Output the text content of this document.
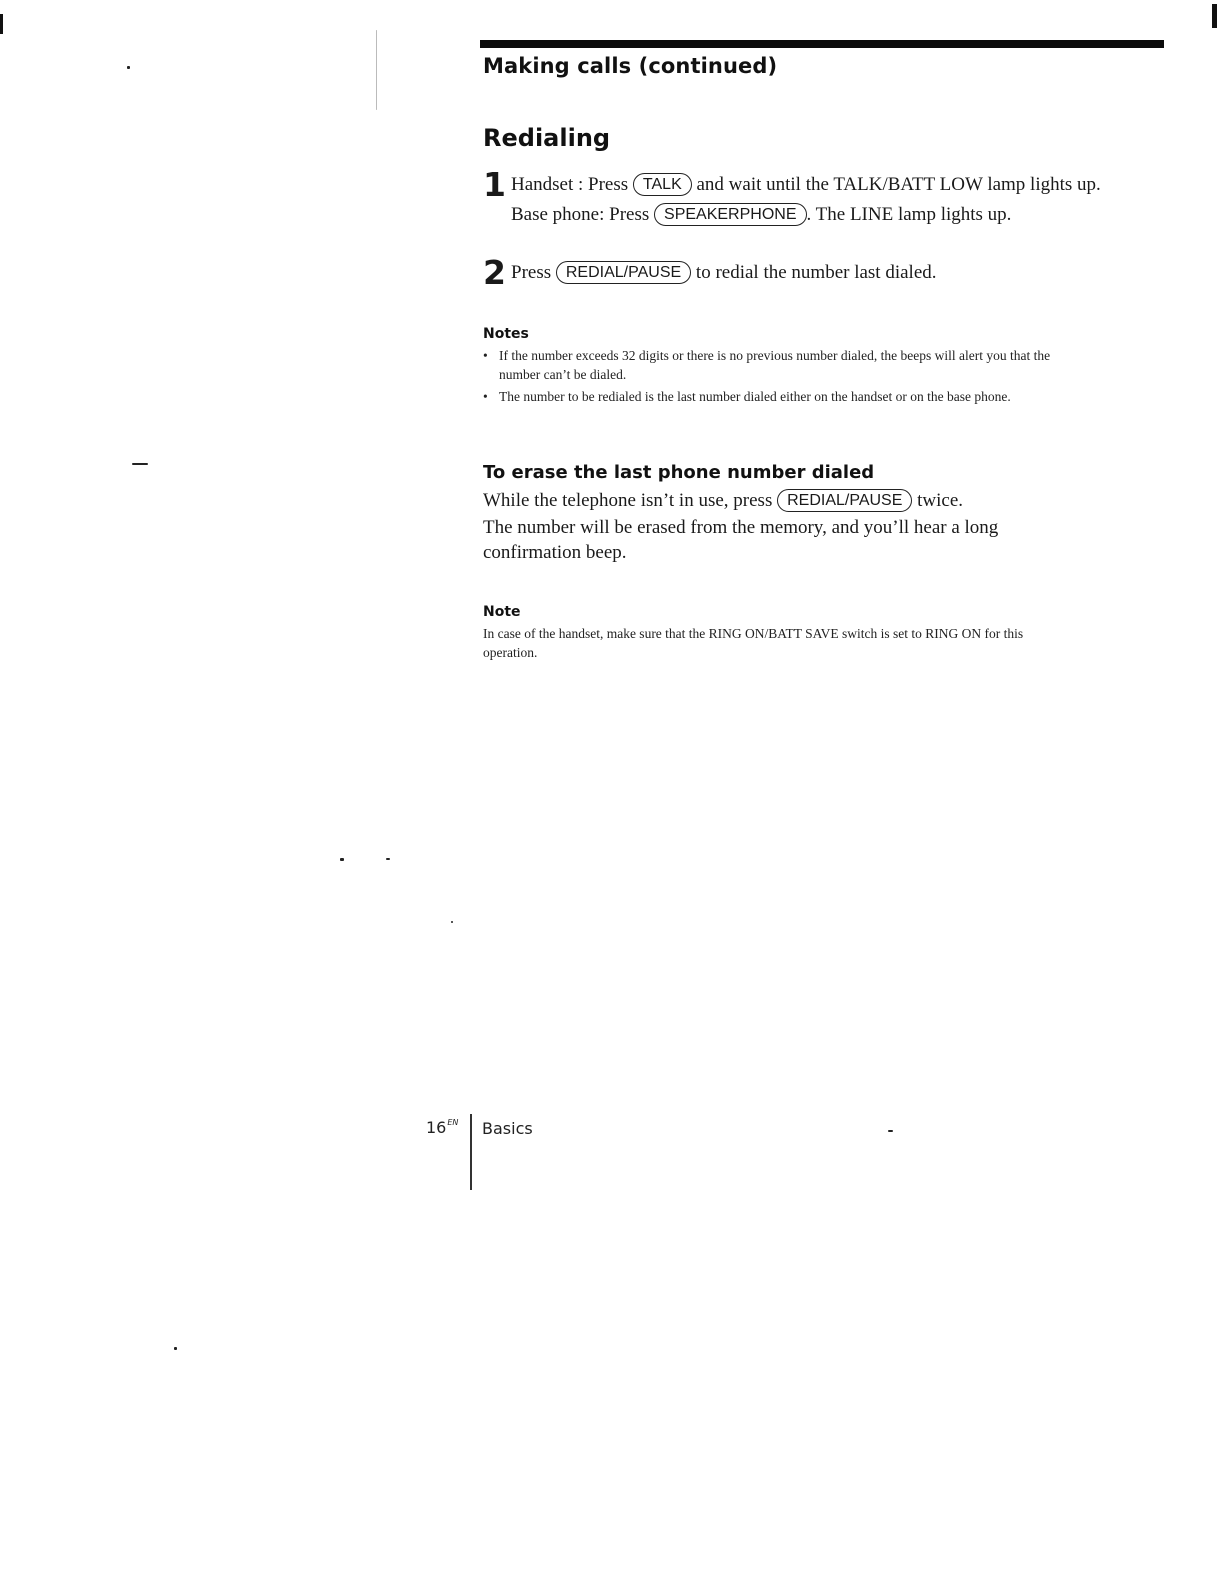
Making calls (continued)
Redialing
1 Handset : Press TALK and wait until the TALK/BATT LOW lamp lights up.
Base phone: Press SPEAKERPHONE . The LINE lamp lights up.
2 Press REDIAL/PAUSE to redial the number last dialed.
Notes
• If the number exceeds 32 digits or there is no previous number dialed, the beeps will alert you that the number can’t be dialed.
• The number to be redialed is the last number dialed either on the handset or on the base phone.
To erase the last phone number dialed

While the telephone isn’t in use, press REDIAL/PAUSE twice.

The number will be erased from the memory, and you’ll hear a long confirmation beep.

Note

In case of the handset, make sure that the RING ON/BATT SAVE switch is set to RING ON for this operation.

$16^{EN}$ Basics
